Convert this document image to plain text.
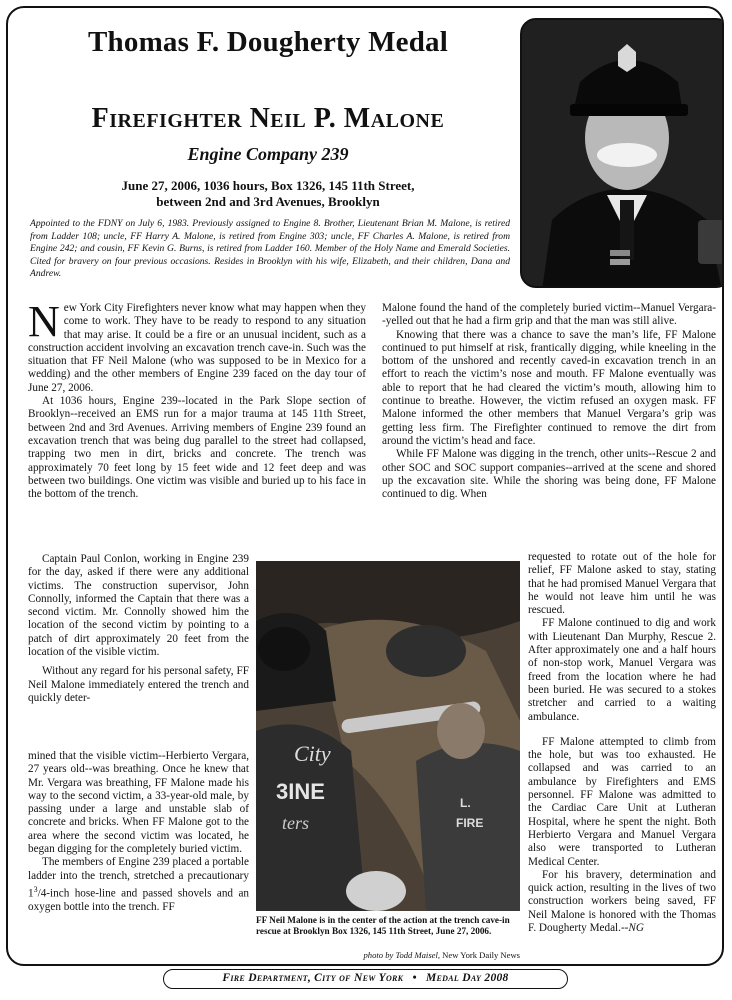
Thomas F. Dougherty Medal
Firefighter Neil P. Malone
Engine Company 239
June 27, 2006, 1036 hours, Box 1326, 145 11th Street,
between 2nd and 3rd Avenues, Brooklyn
Appointed to the FDNY on July 6, 1983. Previously assigned to Engine 8. Brother, Lieutenant Brian M. Malone, is retired from Ladder 108; uncle, FF Harry A. Malone, is retired from Engine 303; uncle, FF Charles A. Malone, is retired from Engine 242; and cousin, FF Kevin G. Burns, is retired from Ladder 160. Member of the Holy Name and Emerald Societies. Cited for bravery on four previous occasions. Resides in Brooklyn with his wife, Elizabeth, and their children, Dana and Andrew.

New York City Firefighters never know what may happen when they come to work. They have to be ready to respond to any situation that may arise. It could be a fire or an unusual incident, such as a construction accident involving an excavation trench cave-in. Such was the situation that FF Neil Malone (who was supposed to be in Mexico for a wedding) and the other members of Engine 239 faced on the day tour of June 27, 2006.

At 1036 hours, Engine 239--located in the Park Slope section of Brooklyn--received an EMS run for a major trauma at 145 11th Street, between 2nd and 3rd Avenues. Arriving members of Engine 239 found an excavation trench that was being dug parallel to the street had collapsed, trapping two men in dirt, bricks and concrete. The trench was approximately 70 feet long by 15 feet wide and 12 feet deep and was between two buildings. One victim was visible and buried up to his face in the bottom of the trench.

Captain Paul Conlon, working in Engine 239 for the day, asked if there were any additional victims. The construction supervisor, John Connolly, informed the Captain that there was a second victim. Mr. Connolly showed him the location of the second victim by pointing to a patch of dirt approximately 20 feet from the location of the visible victim.

Without any regard for his personal safety, FF Neil Malone immediately entered the trench and quickly deter-

mined that the visible victim--Herbierto Vergara, 27 years old--was breathing. Once he knew that Mr. Vergara was breathing, FF Malone made his way to the second victim, a 33-year-old male, by passing under a large and unstable slab of concrete and bricks. When FF Malone got to the area where the second victim was located, he began digging for the completely buried victim.

The members of Engine 239 placed a portable ladder into the trench, stretched a precautionary $1^3/4$-inch hose-line and passed shovels and an oxygen bottle into the trench. FF

Malone found the hand of the completely buried victim--Manuel Vergara--yelled out that he had a firm grip and that the man was still alive.

Knowing that there was a chance to save the man’s life, FF Malone continued to put himself at risk, frantically digging, while kneeling in the bottom of the unshored and recently caved-in excavation trench in an effort to reach the victim’s nose and mouth. FF Malone eventually was able to report that he had cleared the victim’s mouth, allowing him to continue to breathe. However, the victim refused an oxygen mask. FF Malone informed the other members that Manuel Vergara’s grip was getting less firm. The Firefighter continued to remove the dirt from around the victim’s head and face.

While FF Malone was digging in the trench, other units--Rescue 2 and other SOC and SOC support companies--arrived at the scene and shored up the excavation site. While the shoring was being done, FF Malone continued to dig. When

requested to rotate out of the hole for relief, FF Malone asked to stay, stating that he had promised Manuel Vergara that he would not leave him until he was rescued.

FF Malone continued to dig and work with Lieutenant Dan Murphy, Rescue 2. After approximately one and a half hours of non-stop work, Manuel Vergara was freed from the location where he had been buried. He was secured to a stokes stretcher and carried to a waiting ambulance.

FF Malone attempted to climb from the hole, but was too exhausted. He collapsed and was carried to an ambulance by Firefighters and EMS personnel. FF Malone was admitted to the Cardiac Care Unit at Lutheran Hospital, where he spent the night. Both Herbierto Vergara and Manuel Vergara also were transported to Lutheran Medical Center.

For his bravery, determination and quick action, resulting in the lives of two construction workers being saved, FF Neil Malone is honored with the Thomas F. Dougherty Medal.--NG

City
3INE
ters
L.
FIRE
FF Neil Malone is in the center of the action at the trench cave-in rescue at Brooklyn Box 1326, 145 11th Street, June 27, 2006.
photo by Todd Maisel, New York Daily News
Fire Department, City of New York • Medal Day 2008
